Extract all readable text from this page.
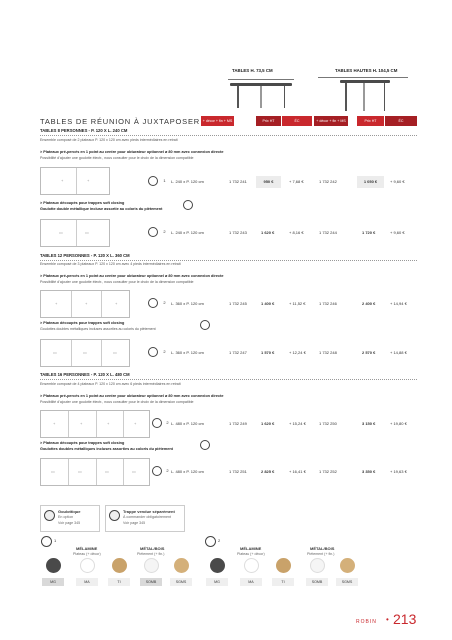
TABLES H. 73,5 CM	TABLES HAUTES H. 104,5 CM
TABLES DE RÉUNION À JUXTAPOSER + décor + fin + MS	Prix HT	ÉC	+ décor + fin + MS	Prix HT	ÉC
TABLES 8 PERSONNES - P. 120 X L. 240 CM
Ensemble composé de 2 plateaux P. 120 x 120 cm avec pieds intermédiaires en retrait
> Plateaux pré-percés en 1 point au centre pour obturateur optionnel ø 80 mm avec connexion directe
Possibilité d'ajouter une goulotte électr., nous consulter pour le choix de la dimension compatible
+	+	1	L. 240 x P. 120 cm	1 732 241	950 €	+ 7,68 €	1 732 242	1 050 €	+ 9,60 €
> Plateaux découpés pour trappes soft closing
Goulotte double métallique incluse assortie au coloris du piètement
▭	▭	2	L. 240 x P. 120 cm	1 732 243	1 620 €	+ 8,16 €	1 732 244	1 720 €	+ 9,60 €
TABLES 12 PERSONNES - P. 120 X L. 360 CM
Ensemble composé de 3 plateaux P. 120 x 120 cm avec 4 pieds intermédiaires en retrait
> Plateaux pré-percés en 1 point au centre pour obturateur optionnel ø 80 mm avec connexion directe
Possibilité d'ajouter une goulotte électr., nous consulter pour le choix de la dimension compatible
+	+	+	2	L. 360 x P. 120 cm	1 732 245	1 400 €	+ 11,52 €	1 732 246	2 400 €	+ 14,94 €
> Plateaux découpés pour trappes soft closing
Goulottes doubles métalliques incluses assorties au coloris du piètement
▭	▭	▭	2	L. 360 x P. 120 cm	1 732 247	1 570 €	+ 12,24 €	1 732 248	2 570 €	+ 14,88 €
TABLES 16 PERSONNES - P. 120 X L. 480 CM
Ensemble composé de 4 plateaux P. 120 x 120 cm avec 6 pieds intermédiaires en retrait
> Plateaux pré-percés en 1 point au centre pour obturateur optionnel ø 80 mm avec connexion directe
Possibilité d'ajouter une goulotte électr., nous consulter pour le choix de la dimension compatible
+	+	+	+	2 L. 480 x P. 120 cm	1 732 249	1 620 €	+ 15,24 €	1 732 250	3 150 €	+ 19,80 €
> Plateaux découpés pour trappes soft closing
Goulottes doubles métalliques incluses assorties au coloris du piètement
▭	▭	▭	▭	2 L. 480 x P. 120 cm	1 732 251	2 825 €	+ 16,41 €	1 732 252	3 350 €	+ 19,63 €
Goulottique
En option
Voir page 345
Trappe vendue séparément
À commander obligatoirement
Voir page 345
1
MÉLAMINE
Plateau (+ décor)
MÉTAL/BOIS
Piètement (+ fin.)
MG	MA	TI	SOMB	SGMS
2
MÉLAMINE
Plateau (+ décor)
MÉTAL/BOIS
Piètement (+ fin.)
MG	MA	TI	SOMB	SGMS
ROBIN • 213
